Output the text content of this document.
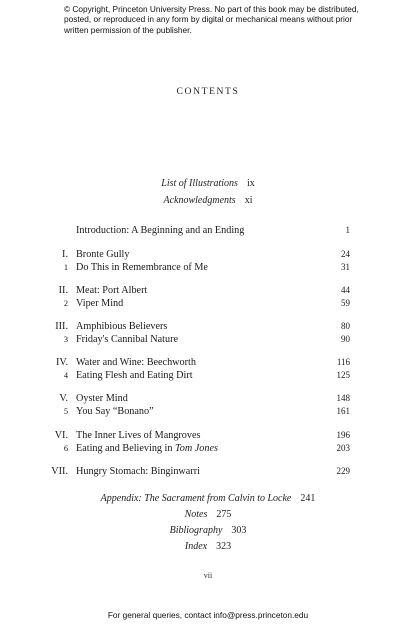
© Copyright, Princeton University Press. No part of this book may be distributed, posted, or reproduced in any form by digital or mechanical means without prior written permission of the publisher.
CONTENTS
List of Illustrations ix
Acknowledgments xi
Introduction: A Beginning and an Ending	1
I. Bronte Gully	24
1 Do This in Remembrance of Me	31
II. Meat: Port Albert	44
2 Viper Mind	59
III. Amphibious Believers	80
3 Friday's Cannibal Nature	90
IV. Water and Wine: Beechworth	116
4 Eating Flesh and Eating Dirt	125
V. Oyster Mind	148
5 You Say “Bonano”	161
VI. The Inner Lives of Mangroves	196
6 Eating and Believing in Tom Jones	203
VII. Hungry Stomach: Binginwarri	229
Appendix: The Sacrament from Calvin to Locke 241
Notes 275
Bibliography 303
Index 323
vii
For general queries, contact info@press.princeton.edu
